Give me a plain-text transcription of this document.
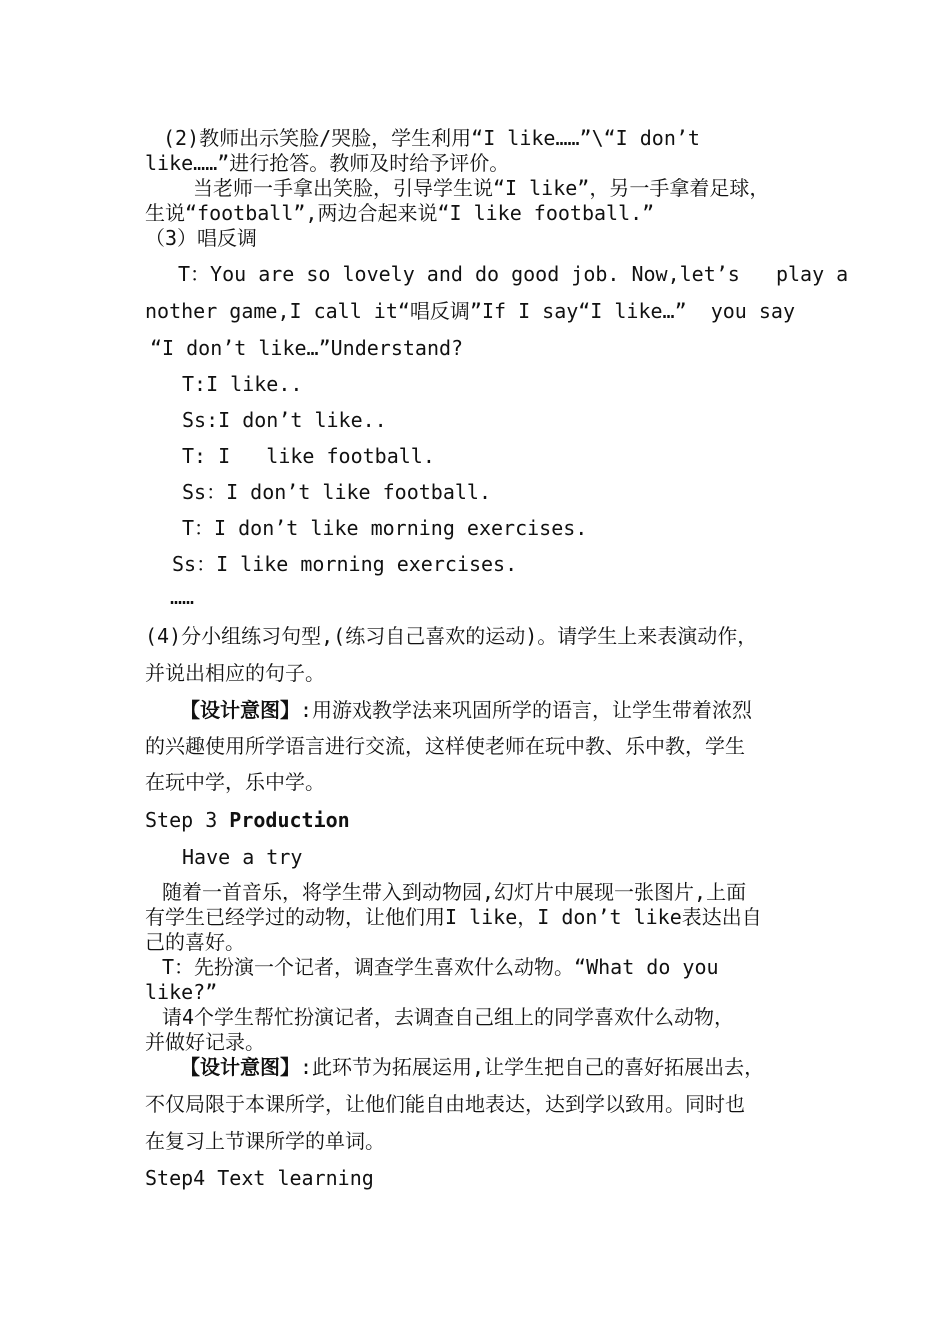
(2)教师出示笑脸/哭脸，学生利用“I like……”\“I don’t
like……”进行抢答。教师及时给予评价。
当老师一手拿出笑脸，引导学生说“I like”，另一手拿着足球，
生说“football”,两边合起来说“I like football.”
（3）唱反调
T：You are so lovely and do good job. Now,let’s   play a
nother game,I call it“唱反调”If I say“I like…”  you say
“I don’t like…”Understand?
T:I like..
Ss:I don’t like..
T: I   like football.
Ss：I don’t like football.
T：I don’t like morning exercises.
Ss：I like morning exercises.
……
(4)分小组练习句型,(练习自己喜欢的运动)。请学生上来表演动作，
并说出相应的句子。
【设计意图】:用游戏教学法来巩固所学的语言，让学生带着浓烈
的兴趣使用所学语言进行交流，这样使老师在玩中教、乐中教，学生
在玩中学，乐中学。
Step 3 Production
Have a try
随着一首音乐，将学生带入到动物园,幻灯片中展现一张图片,上面
有学生已经学过的动物，让他们用I like，I don’t like表达出自
己的喜好。
T：先扮演一个记者，调查学生喜欢什么动物。“What do you
like?”
请4个学生帮忙扮演记者，去调查自己组上的同学喜欢什么动物，
并做好记录。
【设计意图】:此环节为拓展运用,让学生把自己的喜好拓展出去，
不仅局限于本课所学，让他们能自由地表达，达到学以致用。同时也
在复习上节课所学的单词。
Step4 Text learning
